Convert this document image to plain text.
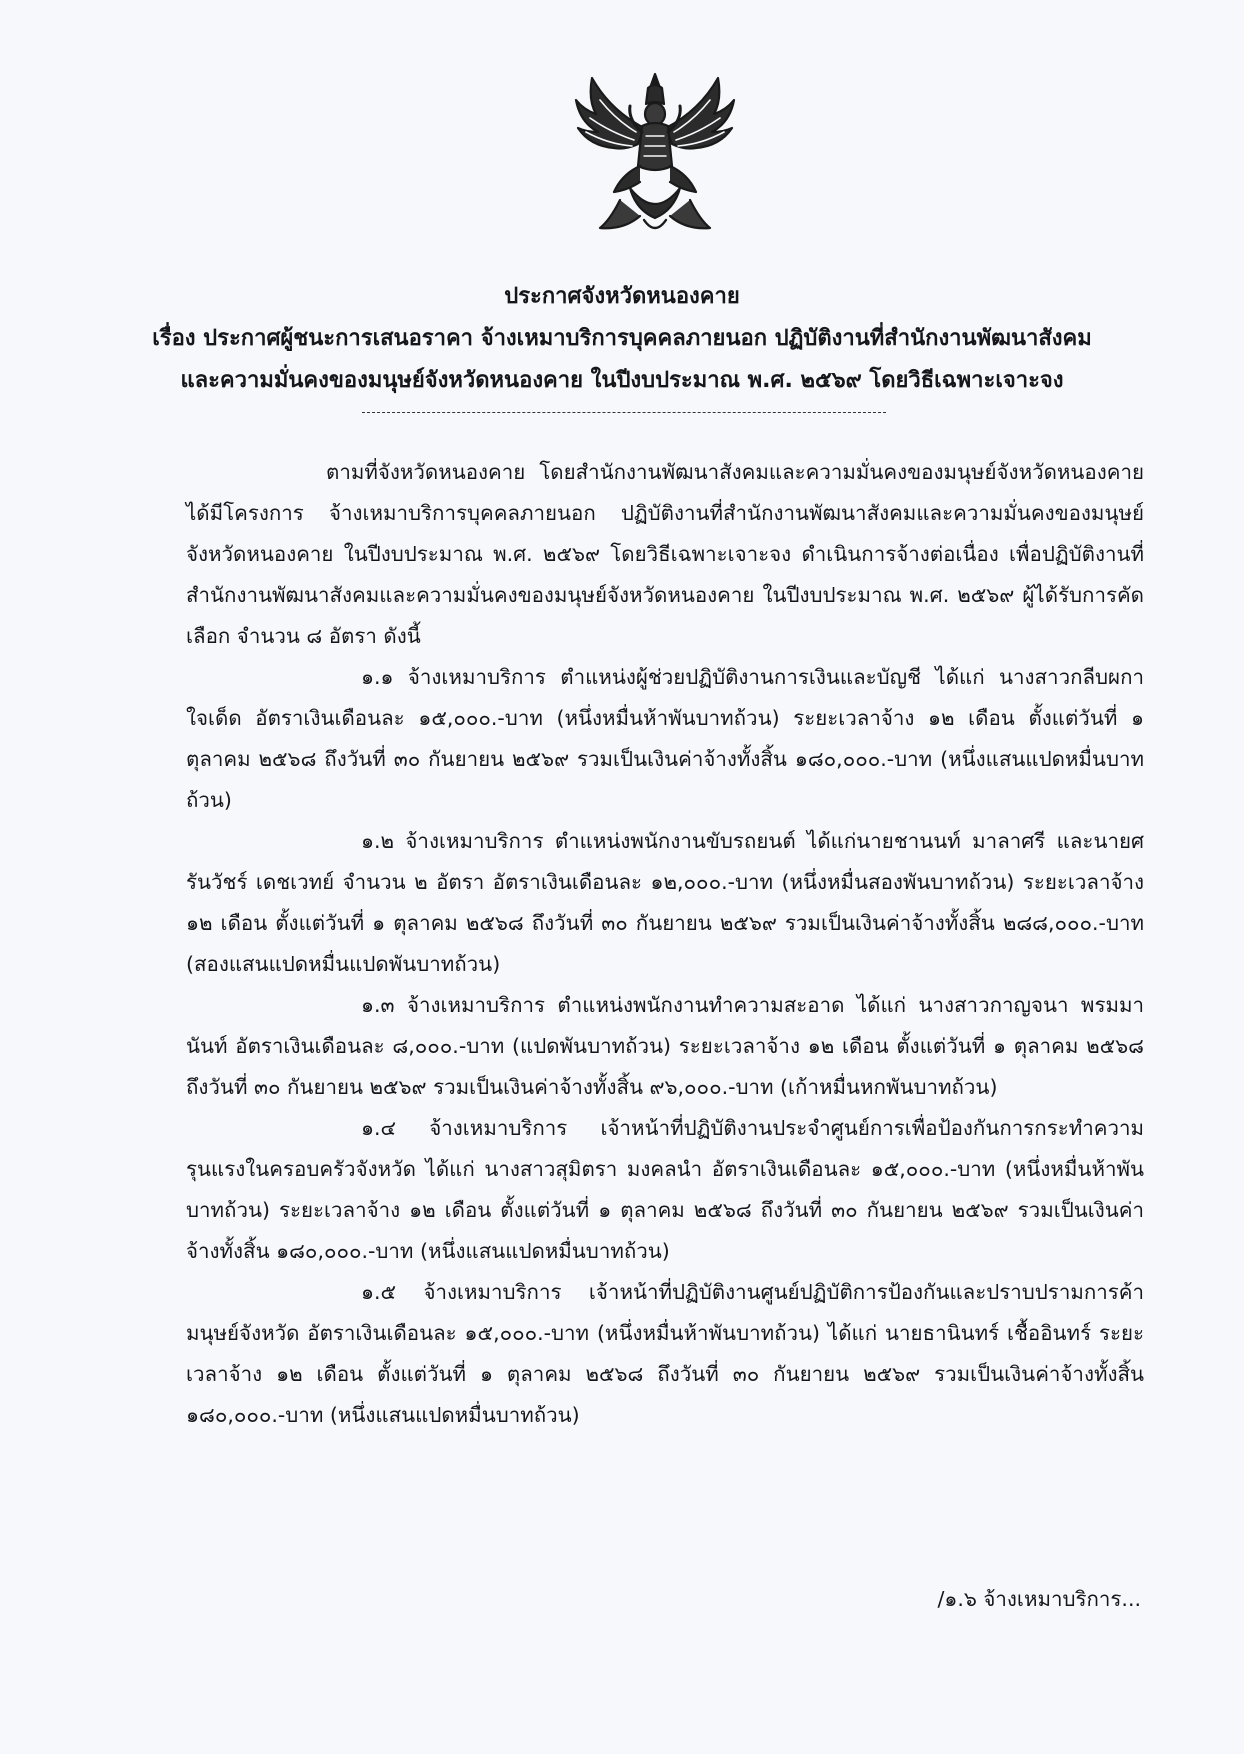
ประกาศจังหวัดหนองคาย
เรื่อง ประกาศผู้ชนะการเสนอราคา จ้างเหมาบริการบุคคลภายนอก ปฏิบัติงานที่สำนักงานพัฒนาสังคม
และความมั่นคงของมนุษย์จังหวัดหนองคาย ในปีงบประมาณ พ.ศ. ๒๕๖๙ โดยวิธีเฉพาะเจาะจง

ตามที่จังหวัดหนองคาย โดยสำนักงานพัฒนาสังคมและความมั่นคงของมนุษย์จังหวัดหนองคาย ได้มีโครงการ จ้างเหมาบริการบุคคลภายนอก ปฏิบัติงานที่สำนักงานพัฒนาสังคมและความมั่นคงของมนุษย์จังหวัดหนองคาย ในปีงบประมาณ พ.ศ. ๒๕๖๙ โดยวิธีเฉพาะเจาะจง ดำเนินการจ้างต่อเนื่อง เพื่อปฏิบัติงานที่สำนักงานพัฒนาสังคมและความมั่นคงของมนุษย์จังหวัดหนองคาย ในปีงบประมาณ พ.ศ. ๒๕๖๙ ผู้ได้รับการคัดเลือก จำนวน ๘ อัตรา ดังนี้

๑.๑ จ้างเหมาบริการ ตำแหน่งผู้ช่วยปฏิบัติงานการเงินและบัญชี ได้แก่ นางสาวกลีบผกา ใจเด็ด อัตราเงินเดือนละ ๑๕,๐๐๐.-บาท (หนึ่งหมื่นห้าพันบาทถ้วน) ระยะเวลาจ้าง ๑๒ เดือน ตั้งแต่วันที่ ๑ ตุลาคม ๒๕๖๘ ถึงวันที่ ๓๐ กันยายน ๒๕๖๙ รวมเป็นเงินค่าจ้างทั้งสิ้น ๑๘๐,๐๐๐.-บาท (หนึ่งแสนแปดหมื่นบาทถ้วน)

๑.๒ จ้างเหมาบริการ ตำแหน่งพนักงานขับรถยนต์ ได้แก่นายชานนท์ มาลาศรี และนายศรันวัชร์ เดชเวทย์ จำนวน ๒ อัตรา อัตราเงินเดือนละ ๑๒,๐๐๐.-บาท (หนึ่งหมื่นสองพันบาทถ้วน) ระยะเวลาจ้าง ๑๒ เดือน ตั้งแต่วันที่ ๑ ตุลาคม ๒๕๖๘ ถึงวันที่ ๓๐ กันยายน ๒๕๖๙ รวมเป็นเงินค่าจ้างทั้งสิ้น ๒๘๘,๐๐๐.-บาท (สองแสนแปดหมื่นแปดพันบาทถ้วน)

๑.๓ จ้างเหมาบริการ ตำแหน่งพนักงานทำความสะอาด ได้แก่ นางสาวกาญจนา พรมมานันท์ อัตราเงินเดือนละ ๘,๐๐๐.-บาท (แปดพันบาทถ้วน) ระยะเวลาจ้าง ๑๒ เดือน ตั้งแต่วันที่ ๑ ตุลาคม ๒๕๖๘ ถึงวันที่ ๓๐ กันยายน ๒๕๖๙ รวมเป็นเงินค่าจ้างทั้งสิ้น ๙๖,๐๐๐.-บาท (เก้าหมื่นหกพันบาทถ้วน)

๑.๔ จ้างเหมาบริการ เจ้าหน้าที่ปฏิบัติงานประจำศูนย์การเพื่อป้องกันการกระทำความรุนแรงในครอบครัวจังหวัด ได้แก่ นางสาวสุมิตรา มงคลนำ อัตราเงินเดือนละ ๑๕,๐๐๐.-บาท (หนึ่งหมื่นห้าพันบาทถ้วน) ระยะเวลาจ้าง ๑๒ เดือน ตั้งแต่วันที่ ๑ ตุลาคม ๒๕๖๘ ถึงวันที่ ๓๐ กันยายน ๒๕๖๙ รวมเป็นเงินค่าจ้างทั้งสิ้น ๑๘๐,๐๐๐.-บาท (หนึ่งแสนแปดหมื่นบาทถ้วน)

๑.๕ จ้างเหมาบริการ เจ้าหน้าที่ปฏิบัติงานศูนย์ปฏิบัติการป้องกันและปราบปรามการค้ามนุษย์จังหวัด อัตราเงินเดือนละ ๑๕,๐๐๐.-บาท (หนึ่งหมื่นห้าพันบาทถ้วน) ได้แก่ นายธานินทร์ เชื้ออินทร์ ระยะเวลาจ้าง ๑๒ เดือน ตั้งแต่วันที่ ๑ ตุลาคม ๒๕๖๘ ถึงวันที่ ๓๐ กันยายน ๒๕๖๙ รวมเป็นเงินค่าจ้างทั้งสิ้น ๑๘๐,๐๐๐.-บาท (หนึ่งแสนแปดหมื่นบาทถ้วน)

/๑.๖ จ้างเหมาบริการ...
